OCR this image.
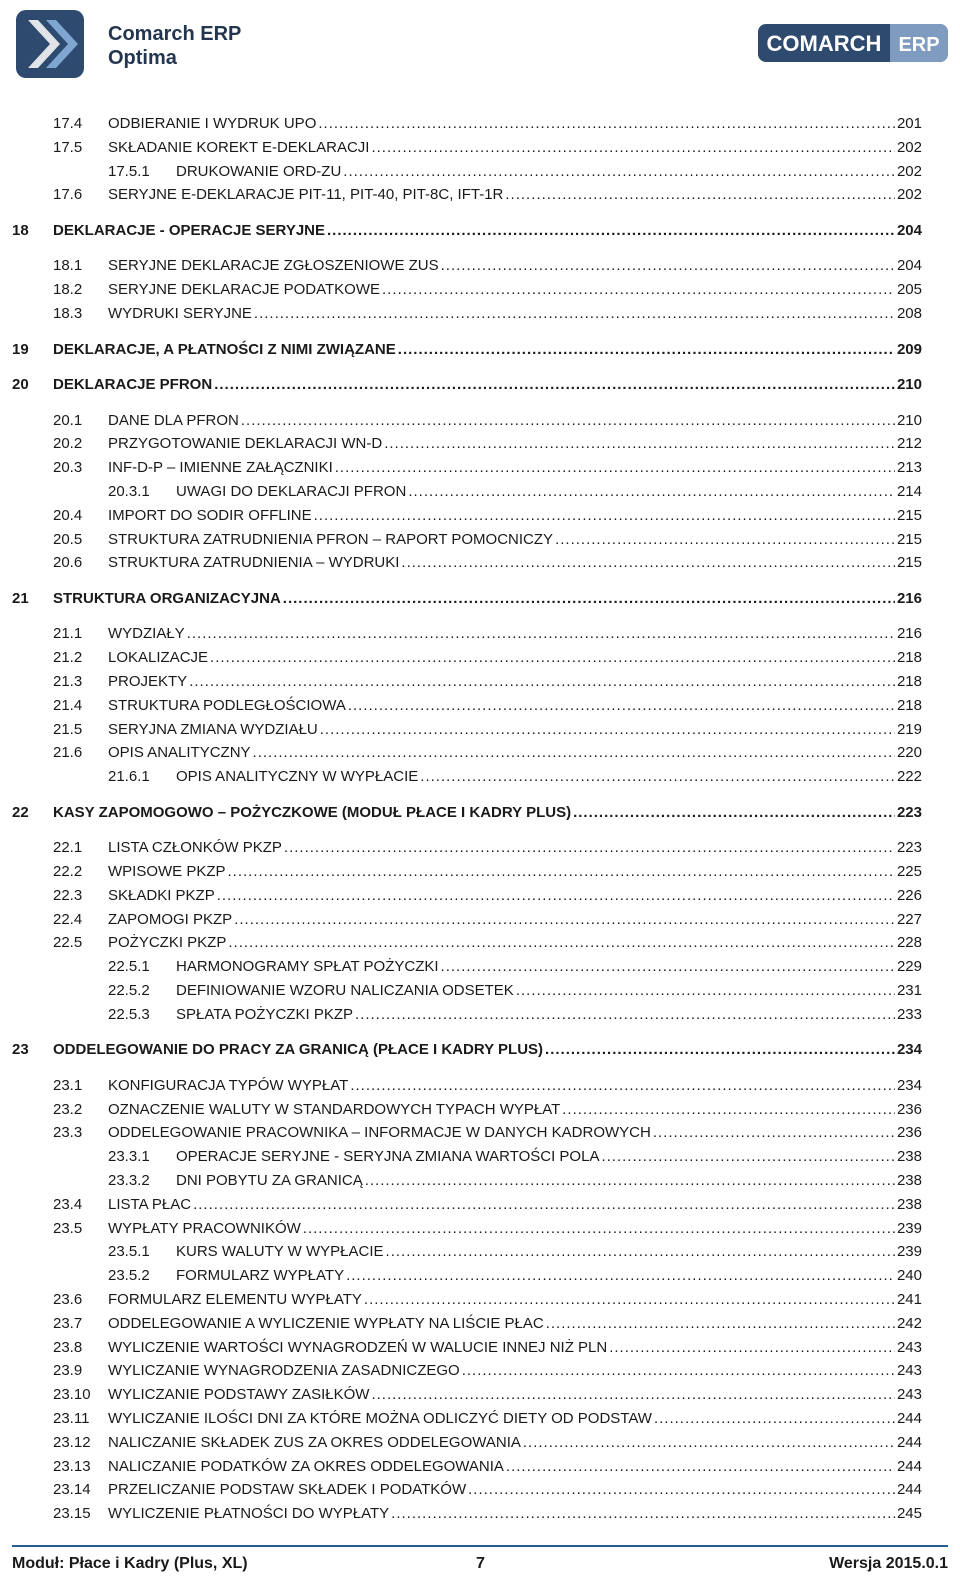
Comarch ERP
Optima
COMARCH ERP
17.4	ODBIERANIE I WYDRUK UPO .....	201
17.5	SKŁADANIE KOREKT E-DEKLARACJI .....	202
17.5.1	DRUKOWANIE ORD-ZU .....	202
17.6	SERYJNE E-DEKLARACJE PIT-11, PIT-40, PIT-8C, IFT-1R .....	202
18	DEKLARACJE - OPERACJE SERYJNE .....	204
18.1	SERYJNE DEKLARACJE ZGŁOSZENIOWE ZUS .....	204
18.2	SERYJNE DEKLARACJE PODATKOWE .....	205
18.3	WYDRUKI SERYJNE .....	208
19	DEKLARACJE, A PŁATNOŚCI Z NIMI ZWIĄZANE .....	209
20	DEKLARACJE PFRON .....	210
20.1	DANE DLA PFRON .....	210
20.2	PRZYGOTOWANIE DEKLARACJI WN-D .....	212
20.3	INF-D-P – IMIENNE ZAŁĄCZNIKI .....	213
20.3.1	UWAGI DO DEKLARACJI PFRON .....	214
20.4	IMPORT DO SODIR OFFLINE .....	215
20.5	STRUKTURA ZATRUDNIENIA PFRON – RAPORT POMOCNICZY .....	215
20.6	STRUKTURA ZATRUDNIENIA – WYDRUKI .....	215
21	STRUKTURA ORGANIZACYJNA .....	216
21.1	WYDZIAŁY .....	216
21.2	LOKALIZACJE .....	218
21.3	PROJEKTY .....	218
21.4	STRUKTURA PODLEGŁOŚCIOWA .....	218
21.5	SERYJNA ZMIANA WYDZIAŁU .....	219
21.6	OPIS ANALITYCZNY .....	220
21.6.1	OPIS ANALITYCZNY W WYPŁACIE .....	222
22	KASY ZAPOMOGOWO – POŻYCZKOWE (MODUŁ PŁACE I KADRY PLUS) .....	223
22.1	LISTA CZŁONKÓW PKZP .....	223
22.2	WPISOWE PKZP .....	225
22.3	SKŁADKI PKZP .....	226
22.4	ZAPOMOGI PKZP .....	227
22.5	POŻYCZKI PKZP .....	228
22.5.1	HARMONOGRAMY SPŁAT POŻYCZKI .....	229
22.5.2	DEFINIOWANIE WZORU NALICZANIA ODSETEK .....	231
22.5.3	SPŁATA POŻYCZKI PKZP .....	233
23	ODDELEGOWANIE DO PRACY ZA GRANICĄ (PŁACE I KADRY PLUS) .....	234
23.1	KONFIGURACJA TYPÓW WYPŁAT .....	234
23.2	OZNACZENIE WALUTY W STANDARDOWYCH TYPACH WYPŁAT .....	236
23.3	ODDELEGOWANIE PRACOWNIKA – INFORMACJE W DANYCH KADROWYCH .....	236
23.3.1	OPERACJE SERYJNE - SERYJNA ZMIANA WARTOŚCI POLA .....	238
23.3.2	DNI POBYTU ZA GRANICĄ .....	238
23.4	LISTA PŁAC .....	238
23.5	WYPŁATY PRACOWNIKÓW .....	239
23.5.1	KURS WALUTY W WYPŁACIE .....	239
23.5.2	FORMULARZ WYPŁATY .....	240
23.6	FORMULARZ ELEMENTU WYPŁATY .....	241
23.7	ODDELEGOWANIE A WYLICZENIE WYPŁATY NA LIŚCIE PŁAC .....	242
23.8	WYLICZENIE WARTOŚCI WYNAGRODZEŃ W WALUCIE INNEJ NIŻ PLN .....	243
23.9	WYLICZANIE WYNAGRODZENIA ZASADNICZEGO .....	243
23.10	WYLICZANIE PODSTAWY ZASIŁKÓW .....	243
23.11	WYLICZANIE ILOŚCI DNI ZA KTÓRE MOŻNA ODLICZYĆ DIETY OD PODSTAW .....	244
23.12	NALICZANIE SKŁADEK ZUS ZA OKRES ODDELEGOWANIA .....	244
23.13	NALICZANIE PODATKÓW ZA OKRES ODDELEGOWANIA .....	244
23.14	PRZELICZANIE PODSTAW SKŁADEK I PODATKÓW .....	244
23.15	WYLICZENIE PŁATNOŚCI DO WYPŁATY .....	245
Moduł: Płace i Kadry (Plus, XL)	7	Wersja 2015.0.1
